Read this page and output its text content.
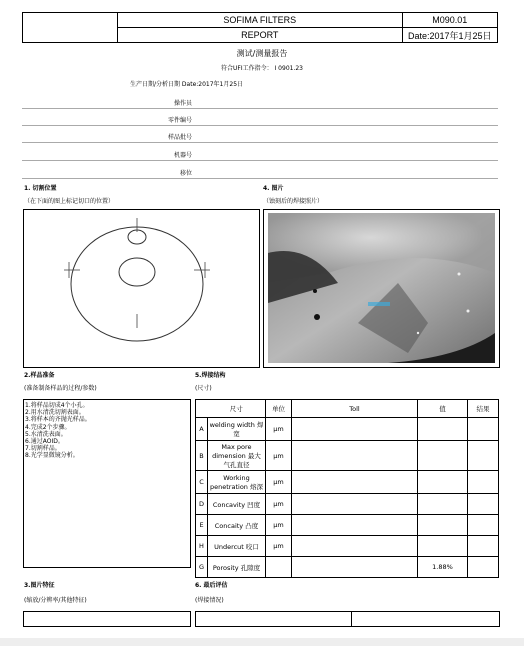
	SOFIMA FILTERS	M090.01
	REPORT	Date:2017年1月25日
测试/测量报告
符合UFI工作指令： I 0901.23
生产日期/分析日期 Date:2017年1月25日
操作员
零件编号
样品批号
机器号
移位
1. 切割位置
（在下面的图上标记切口的位置）
4. 图片
（蚀刻后的焊接照片）
2.样品准备
(准备制备样品的过程/参数)
1.将样品切成4个小孔。
2.用水清洗切割表面。
3.将样本的齐抛光样品。
4.完成2个步骤。
5.水清洗表面。
6.通过AOID。
7.切割样品。
8.光学显微镜分析。
5.焊接结构
(尺寸)
	尺寸	单位	Toll	值	结果
A	welding width 焊宽	μm			
B	Max pore dimension 最大气孔直径	μm			
C	Working penetration 熔深	μm			
D	Concavity 凹度	μm			
E	Concaity 凸度	μm			
H	Undercut 咬口	μm			
G	Porosity 孔隙度			1.88%	
3.图片特征
(缩放/分辨率/其他特征)
6. 最后评估
(焊接情况)
